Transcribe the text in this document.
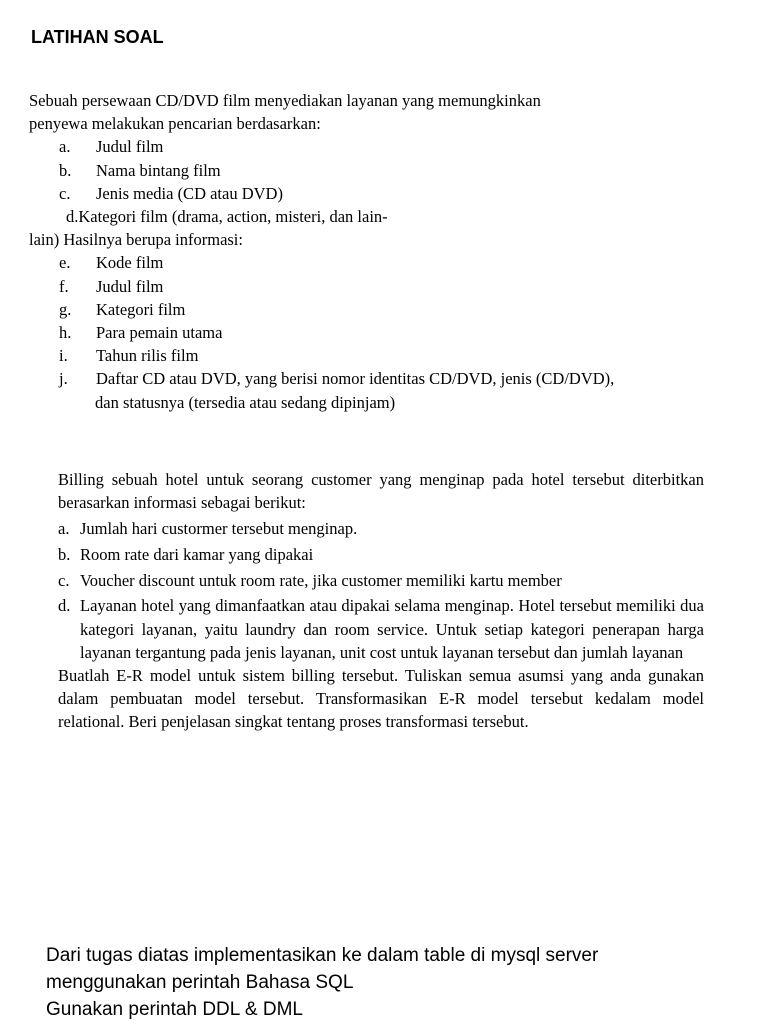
LATIHAN SOAL
Sebuah persewaan CD/DVD film menyediakan layanan yang memungkinkan
penyewa melakukan pencarian berdasarkan:
a.	Judul film
b.	Nama bintang film
c.	Jenis media (CD atau DVD)
d.Kategori film (drama, action, misteri, dan lain-
lain) Hasilnya berupa informasi:
e.	Kode film
f.	Judul film
g.	Kategori film
h.	Para pemain utama
i.	Tahun rilis film
j.	Daftar CD atau DVD, yang berisi nomor identitas CD/DVD, jenis (CD/DVD),
dan statusnya (tersedia atau sedang dipinjam)
Billing sebuah hotel untuk seorang customer yang menginap pada hotel tersebut diterbitkan berasarkan informasi sebagai berikut:
a. Jumlah hari custormer tersebut menginap.
b. Room rate dari kamar yang dipakai
c. Voucher discount untuk room rate, jika customer memiliki kartu member
d. Layanan hotel yang dimanfaatkan atau dipakai selama menginap. Hotel tersebut memiliki dua kategori layanan, yaitu laundry dan room service. Untuk setiap kategori penerapan harga layanan tergantung pada jenis layanan, unit cost untuk layanan tersebut dan jumlah layanan
Buatlah E-R model untuk sistem billing tersebut. Tuliskan semua asumsi yang anda gunakan dalam pembuatan model tersebut. Transformasikan E-R model tersebut kedalam model relational. Beri penjelasan singkat tentang proses transformasi tersebut.
Dari tugas diatas implementasikan ke dalam table di mysql server
menggunakan perintah Bahasa SQL
Gunakan perintah DDL & DML
